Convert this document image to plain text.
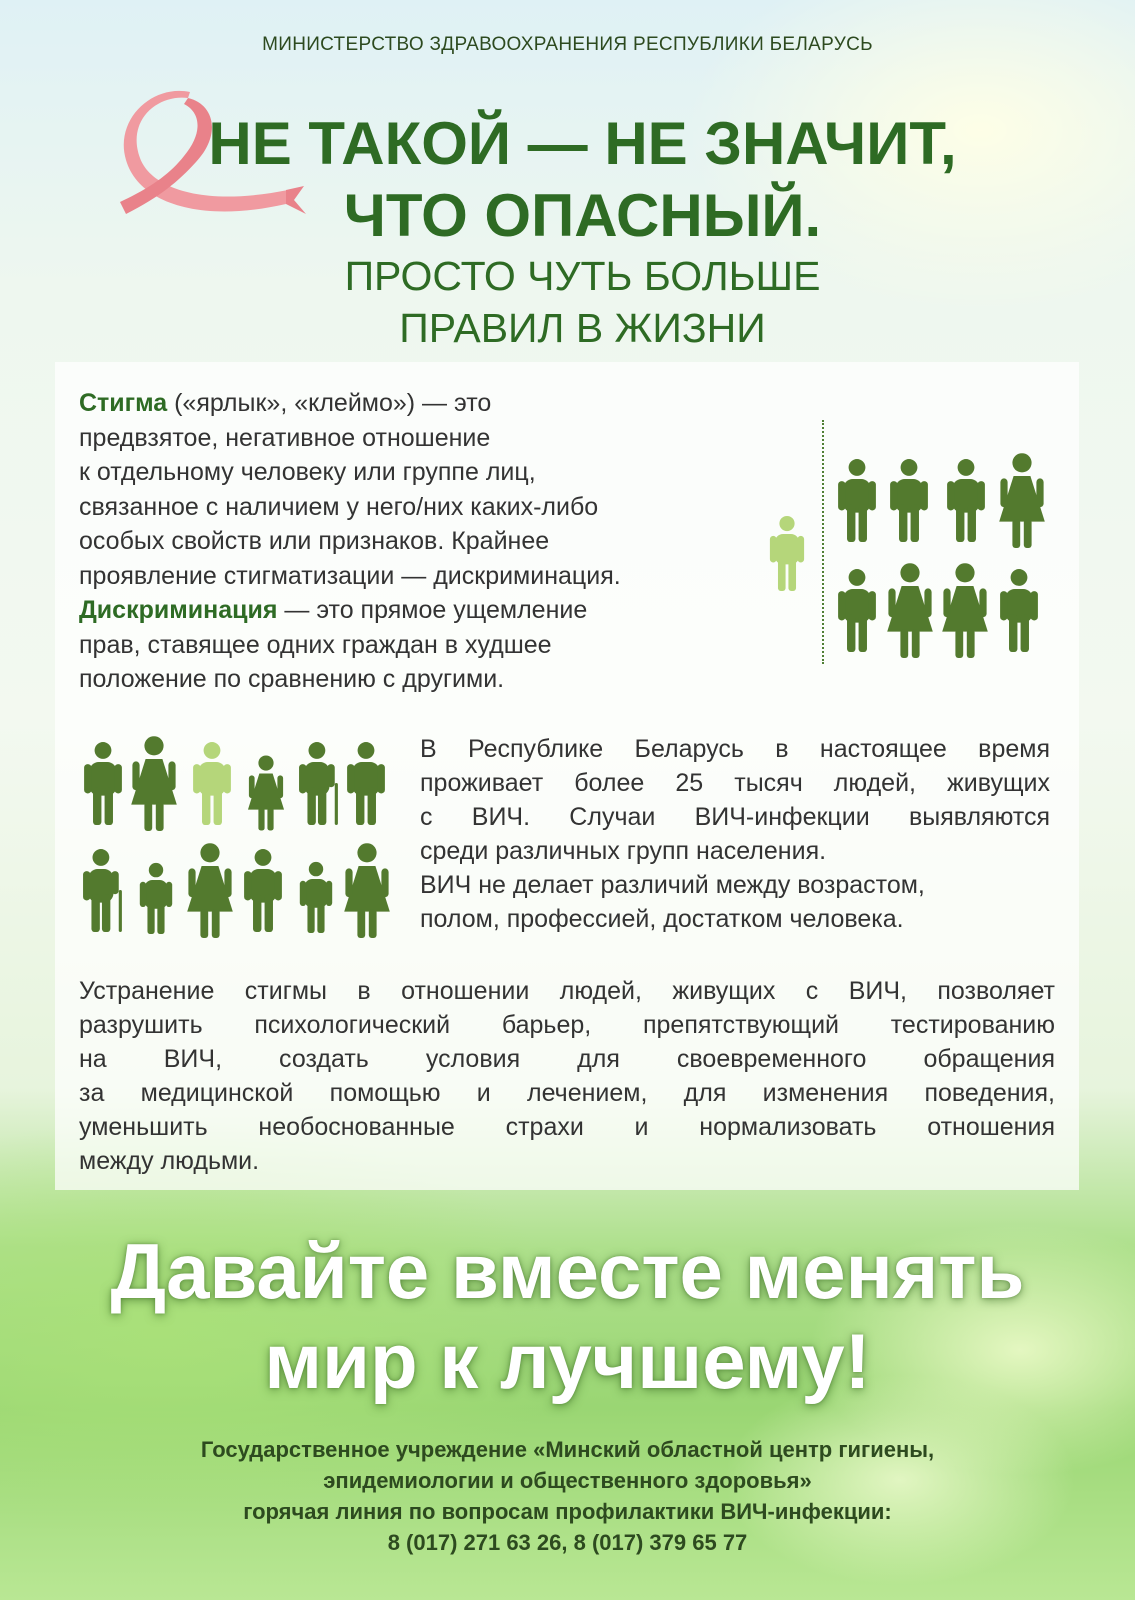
МИНИСТЕРСТВО ЗДРАВООХРАНЕНИЯ РЕСПУБЛИКИ БЕЛАРУСЬ
НЕ ТАКОЙ — НЕ ЗНАЧИТ,
ЧТО ОПАСНЫЙ.
ПРОСТО ЧУТЬ БОЛЬШЕ
ПРАВИЛ В ЖИЗНИ
Стигма («ярлык», «клеймо») — это
предвзятое, негативное отношение
к отдельному человеку или группе лиц,
связанное с наличием у него/них каких-либо
особых свойств или признаков. Крайнее
проявление стигматизации — дискриминация.
Дискриминация — это прямое ущемление
прав, ставящее одних граждан в худшее
положение по сравнению с другими.
В Республике Беларусь в настоящее время
проживает более 25 тысяч людей, живущих
с ВИЧ. Случаи ВИЧ-инфекции выявляются
среди различных групп населения.
ВИЧ не делает различий между возрастом,
полом, профессией, достатком человека.
Устранение стигмы в отношении людей, живущих с ВИЧ, позволяет
разрушить психологический барьер, препятствующий тестированию
на ВИЧ, создать условия для своевременного обращения
за медицинской помощью и лечением, для изменения поведения,
уменьшить необоснованные страхи и нормализовать отношения
между людьми.
Давайте вместе менять
мир к лучшему!
Государственное учреждение «Минский областной центр гигиены,
эпидемиологии и общественного здоровья»
горячая линия по вопросам профилактики ВИЧ-инфекции:
8 (017) 271 63 26, 8 (017) 379 65 77
